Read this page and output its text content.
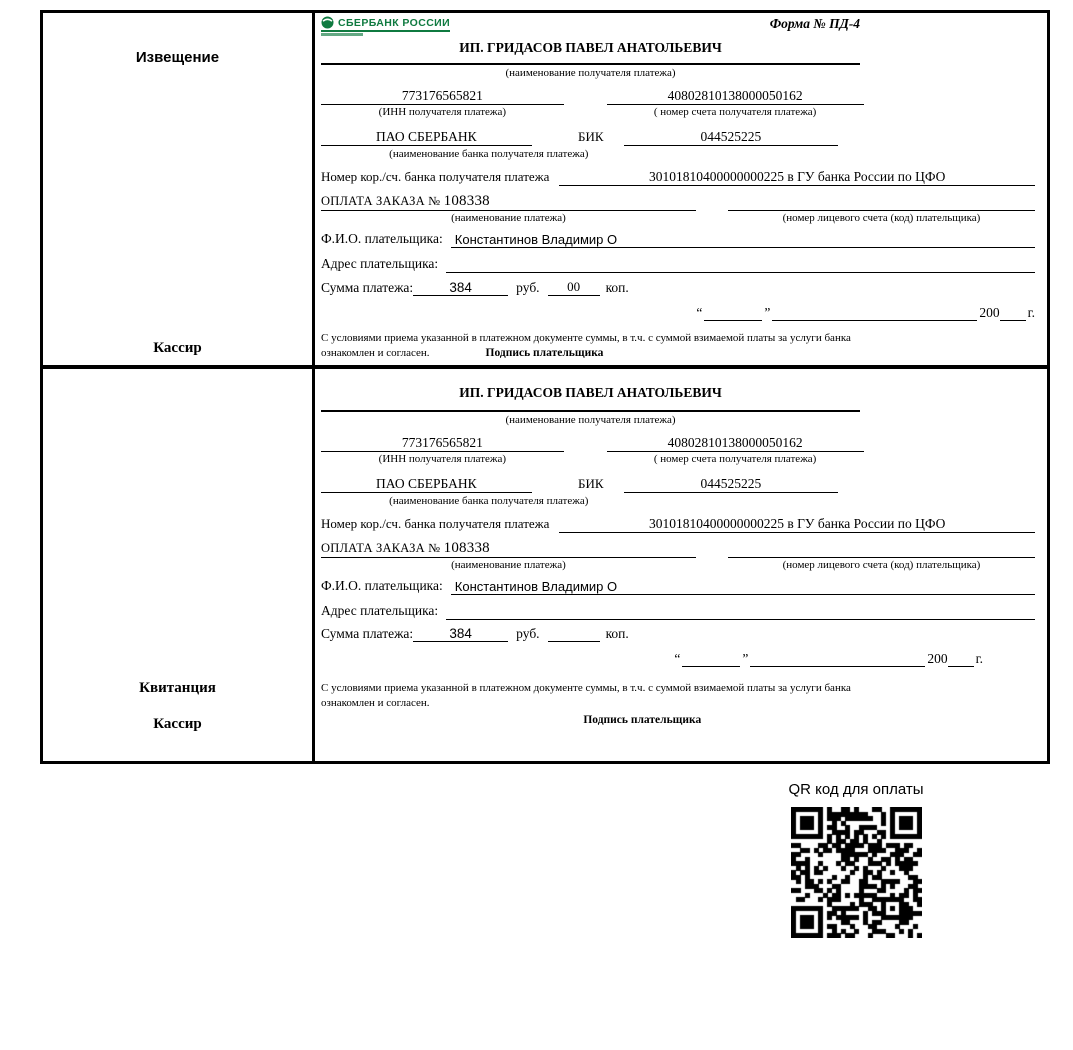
Извещение
Кассир
СБЕРБАНК РОССИИ	Форма № ПД-4
ИП. ГРИДАСОВ ПАВЕЛ АНАТОЛЬЕВИЧ
(наименование получателя платежа)
773176565821	40802810138000050162
(ИНН получателя платежа)	( номер счета получателя платежа)
ПАО СБЕРБАНК	БИК	044525225
(наименование банка получателя платежа)
Номер кор./сч. банка получателя платежа	30101810400000000225 в ГУ банка России по ЦФО
ОПЛАТА ЗАКАЗА № 108338
(наименование платежа)	(номер лицевого счета (код) плательщика)
Ф.И.О. плательщика: Константинов Владимир О
Адрес плательщика:
Сумма платежа:	384	руб.	00	коп.
“	”	200 г.
С условиями приема указанной в платежном документе суммы, в т.ч. с суммой взимаемой платы за услуги банка
ознакомлен и согласен.	Подпись плательщика
Квитанция
Кассир
ИП. ГРИДАСОВ ПАВЕЛ АНАТОЛЬЕВИЧ
(наименование получателя платежа)
773176565821	40802810138000050162
(ИНН получателя платежа)	( номер счета получателя платежа)
ПАО СБЕРБАНК	БИК	044525225
(наименование банка получателя платежа)
Номер кор./сч. банка получателя платежа	30101810400000000225 в ГУ банка России по ЦФО
ОПЛАТА ЗАКАЗА № 108338
(наименование платежа)	(номер лицевого счета (код) плательщика)
Ф.И.О. плательщика: Константинов Владимир О
Адрес плательщика:
Сумма платежа:	384	руб.	коп.
“	”	200 г.
С условиями приема указанной в платежном документе суммы, в т.ч. с суммой взимаемой платы за услуги банка
ознакомлен и согласен.
Подпись плательщика
QR код для оплаты
